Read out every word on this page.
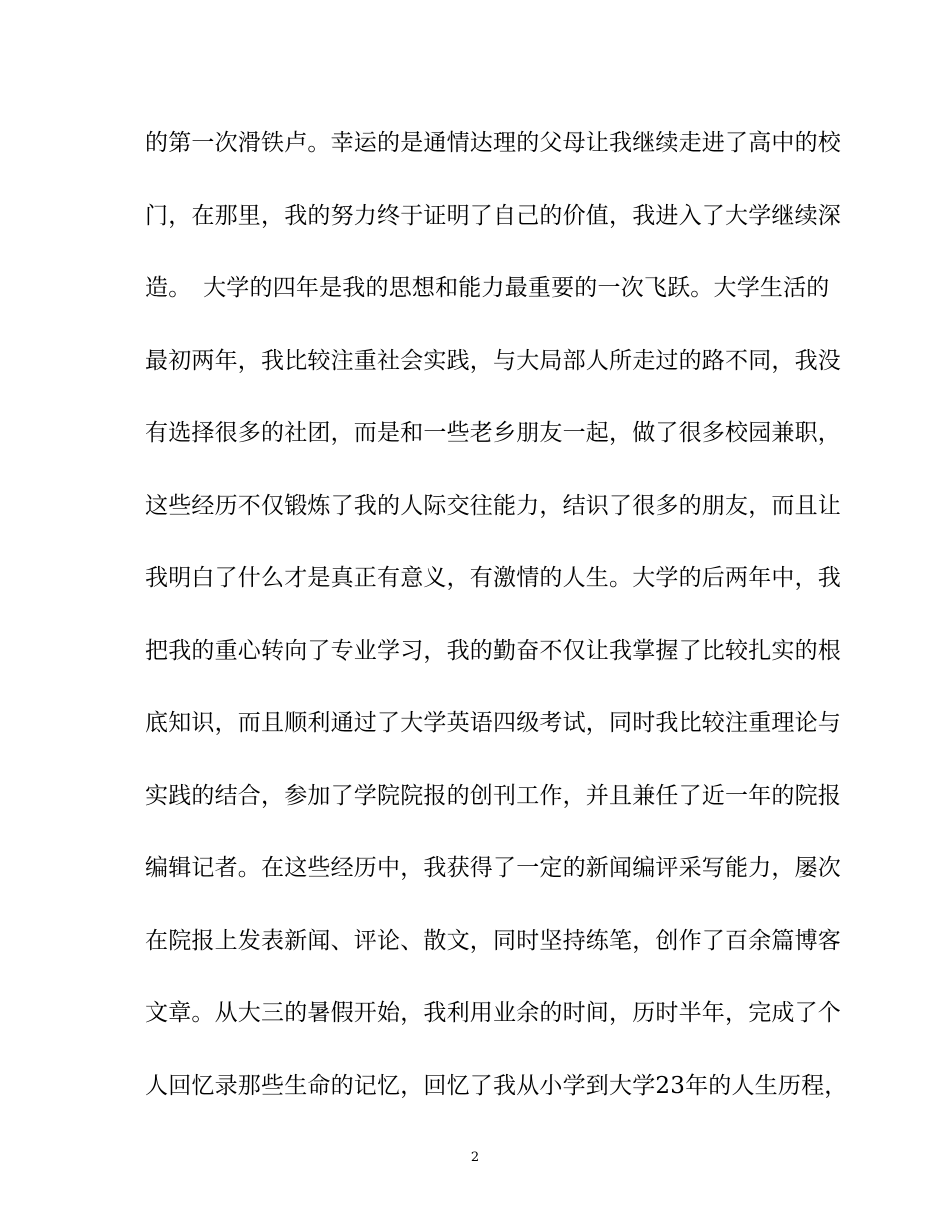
的第一次滑铁卢。幸运的是通情达理的父母让我继续走进了高中的校
门，在那里，我的努力终于证明了自己的价值，我进入了大学继续深
造。　大学的四年是我的思想和能力最重要的一次飞跃。大学生活的
最初两年，我比较注重社会实践，与大局部人所走过的路不同，我没
有选择很多的社团，而是和一些老乡朋友一起，做了很多校园兼职，
这些经历不仅锻炼了我的人际交往能力，结识了很多的朋友，而且让
我明白了什么才是真正有意义，有激情的人生。大学的后两年中，我
把我的重心转向了专业学习，我的勤奋不仅让我掌握了比较扎实的根
底知识，而且顺利通过了大学英语四级考试，同时我比较注重理论与
实践的结合，参加了学院院报的创刊工作，并且兼任了近一年的院报
编辑记者。在这些经历中，我获得了一定的新闻编评采写能力，屡次
在院报上发表新闻、评论、散文，同时坚持练笔，创作了百余篇博客
文章。从大三的暑假开始，我利用业余的时间，历时半年，完成了个
人回忆录那些生命的记忆，回忆了我从小学到大学23年的人生历程，
2
